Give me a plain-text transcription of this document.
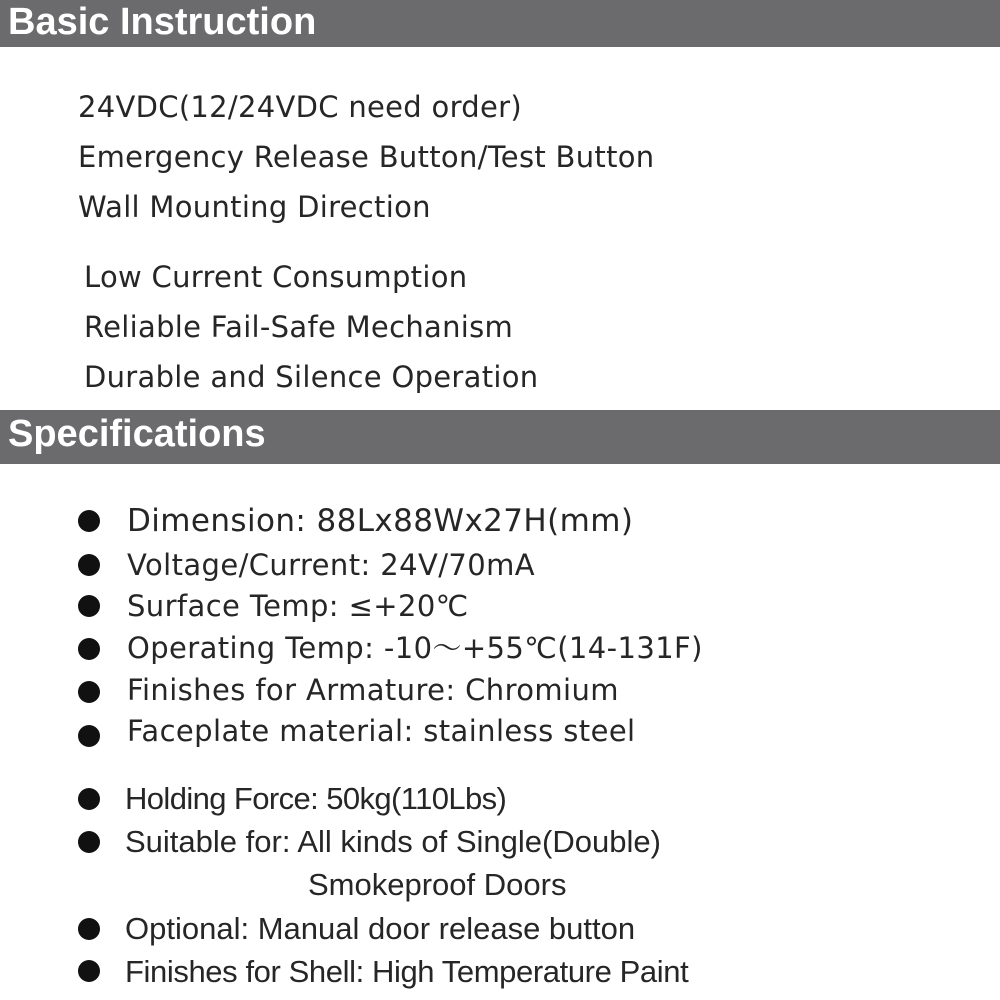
Basic Instruction
24VDC(12/24VDC need order)
Emergency Release Button/Test Button
Wall Mounting Direction
Low Current Consumption
Reliable Fail-Safe Mechanism
Durable and Silence Operation
Specifications
Dimension: 88Lx88Wx27H(mm)
Voltage/Current: 24V/70mA
Surface Temp: ≤+20℃
Operating Temp: -10～+55℃(14-131F)
Finishes for Armature: Chromium
Faceplate material: stainless steel
Holding Force: 50kg(110Lbs)
Suitable for: All kinds of Single(Double)
Smokeproof Doors
Optional: Manual door release button
Finishes for Shell: High Temperature Paint
